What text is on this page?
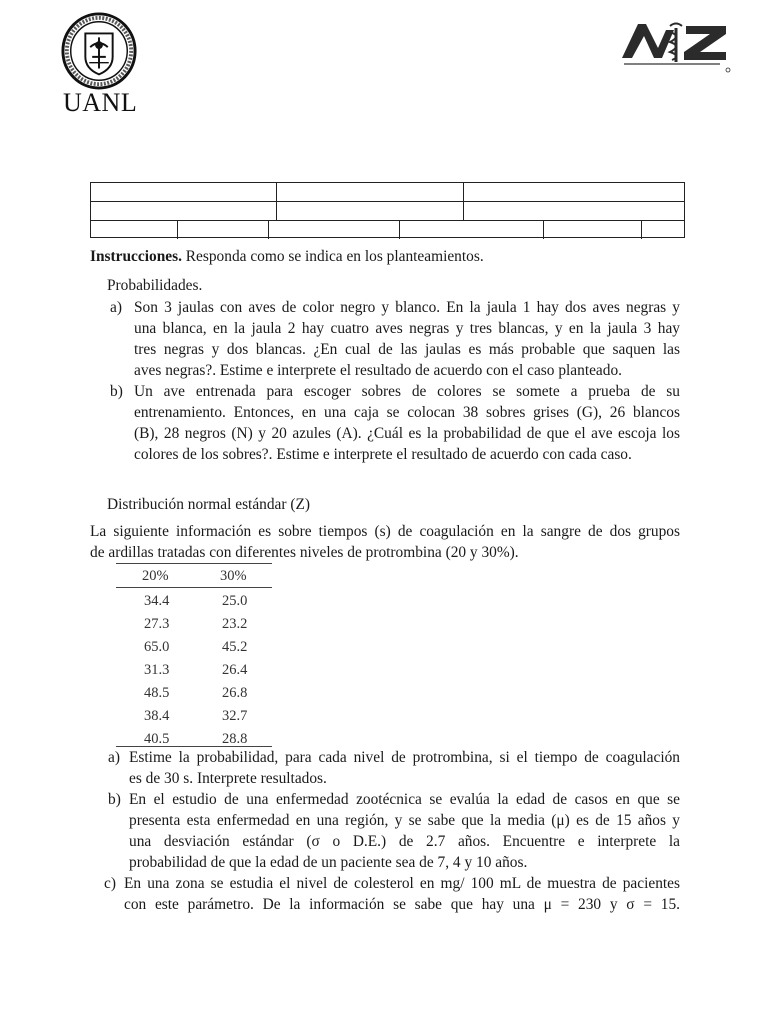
UANL
Instrucciones. Responda como se indica en los planteamientos.
Probabilidades.
a) Son 3 jaulas con aves de color negro y blanco. En la jaula 1 hay dos aves negras y
una blanca, en la jaula 2 hay cuatro aves negras y tres blancas, y en la jaula 3 hay
tres negras y dos blancas. ¿En cual de las jaulas es más probable que saquen las
aves negras?. Estime e interprete el resultado de acuerdo con el caso planteado.
b) Un ave entrenada para escoger sobres de colores se somete a prueba de su
entrenamiento. Entonces, en una caja se colocan 38 sobres grises (G), 26 blancos
(B), 28 negros (N) y 20 azules (A). ¿Cuál es la probabilidad de que el ave escoja los
colores de los sobres?. Estime e interprete el resultado de acuerdo con cada caso.
Distribución normal estándar (Z)
La siguiente información es sobre tiempos (s) de coagulación en la sangre de dos grupos
de ardillas tratadas con diferentes niveles de protrombina (20 y 30%).
20%	30%
34.4	25.0
27.3	23.2
65.0	45.2
31.3	26.4
48.5	26.8
38.4	32.7
40.5	28.8
a) Estime la probabilidad, para cada nivel de protrombina, si el tiempo de coagulación
es de 30 s. Interprete resultados.
b) En el estudio de una enfermedad zootécnica se evalúa la edad de casos en que se
presenta esta enfermedad en una región, y se sabe que la media (μ) es de 15 años y
una desviación estándar (σ o D.E.) de 2.7 años. Encuentre e interprete la
probabilidad de que la edad de un paciente sea de 7, 4 y 10 años.
c) En una zona se estudia el nivel de colesterol en mg/ 100 mL de muestra de pacientes
con este parámetro. De la información se sabe que hay una μ = 230 y σ = 15.
